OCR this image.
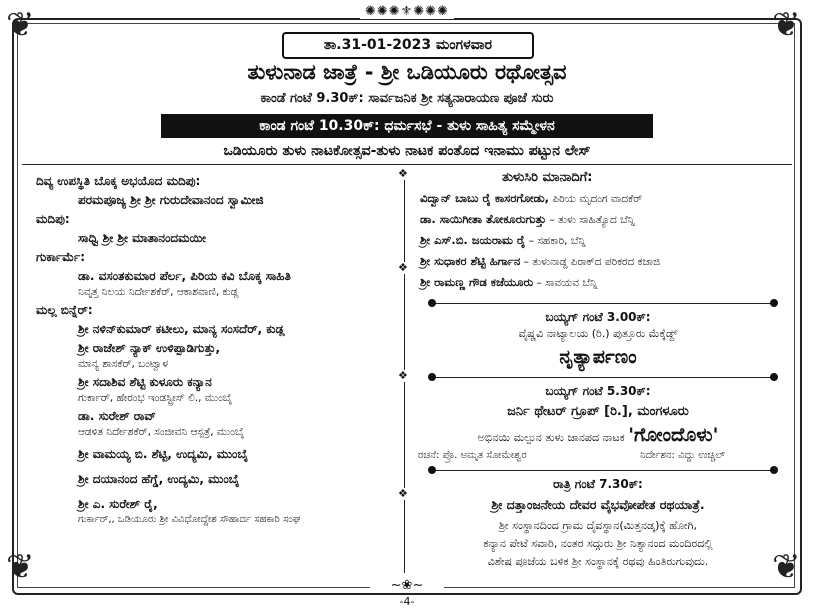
❦	❦
❦	❦
✺✺✺⚜✺✺✺
~❀~
ತಾ.31-01-2023 ಮಂಗಳವಾರ
ತುಳುನಾಡ ಜಾತ್ರೆ - ಶ್ರೀ ಒಡಿಯೂರು ರಥೋತ್ಸವ
ಕಾಂಡೆ ಗಂಟೆ 9.30ಕ್: ಸಾರ್ವಜನಿಕ ಶ್ರೀ ಸತ್ಯನಾರಾಯಣ ಪೂಜೆ ಸುರು
ಕಾಂಡ ಗಂಟೆ 10.30ಕ್: ಧರ್ಮಸಭೆ - ತುಳು ಸಾಹಿತ್ಯ ಸಮ್ಮೇಳನ
ಒಡಿಯೂರು ತುಳು ನಾಟಕೋತ್ಸವ-ತುಳು ನಾಟಕ ಪಂತೊದ ಇನಾಮು ಪಟ್ಟುನ ಲೇಸ್
❖
❖
❖
❖
ದಿವ್ಯ ಉಪಸ್ಥಿತಿ ಬೊಕ್ಕ ಅಭಯೊದ ಮದಿಪು:
ಪರಮಪೂಜ್ಯ ಶ್ರೀ ಶ್ರೀ ಗುರುದೇವಾನಂದ ಸ್ವಾಮೀಜಿ
ಮದಿಪು:
ಸಾಧ್ವಿ ಶ್ರೀ ಶ್ರೀ ಮಾತಾನಂದಮಯೀ
ಗುರ್ಕಾರ್ಮೆ:
ಡಾ. ವಸಂತಕುಮಾರ ಪೆರ್ಲ, ಪಿರಿಯ ಕವಿ ಬೊಕ್ಕ ಸಾಹಿತಿ
ನಿವೃತ್ತ ನಿಲಯ ನಿರ್ದೇಶಕೆರ್, ಆಕಾಶವಾಣಿ, ಕುಡ್ಲ
ಮಲ್ಲ ಬಿನ್ನೆರ್:
ಶ್ರೀ ನಳಿನ್‌ಕುಮಾರ್ ಕಟೀಲು, ಮಾನ್ಯ ಸಂಸದೆರ್, ಕುಡ್ಲ
ಶ್ರೀ ರಾಜೇಶ್ ನ್ಯಾಕ್ ಉಳಿಪ್ಪಾಡಿಗುತ್ತು,
ಮಾನ್ಯ ಶಾಸಕೆರ್, ಬಂಟ್ವಾಳ
ಶ್ರೀ ಸದಾಶಿವ ಶೆಟ್ಟಿ ಕುಳೂರು ಕನ್ಯಾನ
ಗುರ್ಕಾರ್, ಹೇರಂಭ ಇಂಡಸ್ಟ್ರೀಸ್ ಲಿ., ಮುಂಬೈ
ಡಾ. ಸುರೇಶ್ ರಾವ್
ಆಡಳಿತ ನಿರ್ದೇಶಕೆರ್, ಸಂಜೀವನಿ ಆಸ್ಪತ್ರೆ, ಮುಂಬೈ
ಶ್ರೀ ವಾಮಯ್ಯ ಬಿ. ಶೆಟ್ಟಿ, ಉದ್ಯಮಿ, ಮುಂಬೈ
ಶ್ರೀ ದಯಾನಂದ ಹೆಗ್ಡೆ, ಉದ್ಯಮಿ, ಮುಂಬೈ
ಶ್ರೀ ಎ. ಸುರೇಶ್ ರೈ,
ಗುರ್ಕಾರ್,, ಒಡಿಯೂರು ಶ್ರೀ ವಿವಿಧೋದ್ದೇಶ ಸೌಹಾರ್ದ ಸಹಕಾರಿ ಸಂಘ
ತುಳುಸಿರಿ ಮಾನಾದಿಗೆ:
ವಿದ್ವಾನ್ ಬಾಬು ರೈ ಕಾಸರಗೋಡು, ಪಿರಿಯ ಮೃದಂಗ ವಾದಕೆರ್
ಡಾ. ಸಾಯಿಗೀತಾ ತೋಕೂರುಗುತ್ತು – ತುಳು ಸಾಹಿತ್ಯೊದ ಬೆನ್ನಿ
ಶ್ರೀ ಎಸ್.ಬಿ. ಜಯರಾಮ ರೈ – ಸಹಕಾರಿ, ಬೆನ್ನಿ
ಶ್ರೀ ಸುಧಾಕರ ಶೆಟ್ಟಿ ಹಿರ್ಗಾನ – ತುಳುನಾಡ್ದ ಪಿರಾಕ್‌ದ ಪರಿಕರದ ಕಜಾಜಿ
ಶ್ರೀ ರಾಮಣ್ಣ ಗೌಡ ಕಜೆಯೂರು – ಸಾವಯವ ಬೆನ್ನಿ
ಬಯ್ಯಗ್ ಗಂಟೆ 3.00ಕ್:
ವೈಷ್ಣವಿ ನಾಟ್ಯಾಲಯ (ರಿ.) ಪುತ್ತೂರು ಮೆಕ್ಕೆಡ್ದ್
ನೃತ್ಯಾರ್ಪಣಂ
ಬಯ್ಯಗ್ ಗಂಟೆ 5.30ಕ್:
ಜರ್ನಿ ಥೇಟರ್ ಗ್ರೂಪ್ [ರಿ.], ಮಂಗಳೂರು
ಅಭಿನಯಿ ಮಲ್ಪುನ ತುಳು ಜಾನಪದ ನಾಟಕ 'ಗೋಂದೊಳು'
ರಚನೆ: ಪ್ರೊ. ಅಮೃತ ಸೋಮೇಶ್ವರ	ನಿರ್ದೇಶನ: ವಿದ್ದು ಉಚ್ಚಿಲ್
ರಾತ್ರಿ ಗಂಟೆ 7.30ಕ್:
ಶ್ರೀ ದತ್ತಾಂಜನೇಯ ದೇವರ ವೈಭವೋಪೇತ ರಥಯಾತ್ರೆ.
ಶ್ರೀ ಸಂಸ್ಥಾನದಿಂದ ಗ್ರಾಮ ದೈವಸ್ಥಾನ(ಮಿತ್ತನಡ್ಕ)ಕ್ಕೆ ಹೋಗಿ,
ಕನ್ಯಾನ ಪೇಟೆ ಸವಾರಿ, ನಂತರ ಸದ್ಗುರು ಶ್ರೀ ನಿತ್ಯಾನಂದ ಮಂದಿರದಲ್ಲಿ
ವಿಶೇಷ ಪೂಜೆಯ ಬಳಿಕ ಶ್ರೀ ಸಂಸ್ಥಾನಕ್ಕೆ ರಥವು ಹಿಂತಿರುಗುವುದು.
-4-
